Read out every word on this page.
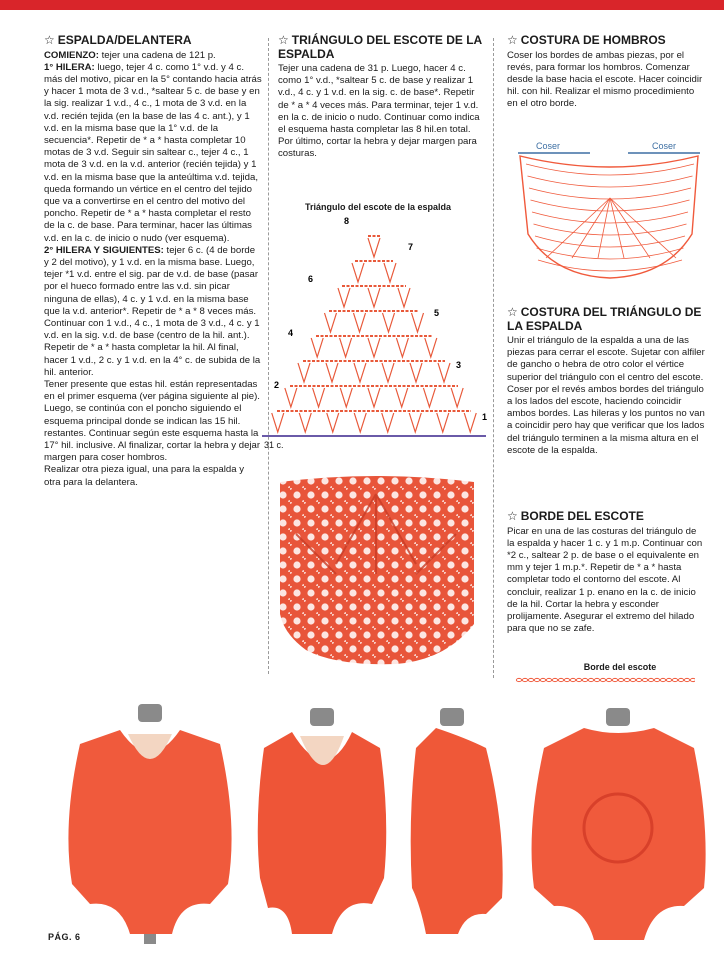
☆ ESPALDA/DELANTERA

COMIENZO: tejer una cadena de 121 p.

1° HILERA: luego, tejer 4 c. como 1° v.d. y 4 c. más del motivo, picar en la 5° contando hacia atrás y hacer 1 mota de 3 v.d., *saltear 5 c. de base y en la sig. realizar 1 v.d., 4 c., 1 mota de 3 v.d. en la v.d. recién tejida (en la base de las 4 c. ant.), y 1 v.d. en la misma base que la 1° v.d. de la secuencia*. Repetir de * a * hasta completar 10 motas de 3 v.d. Seguir sin saltear c., tejer 4 c., 1 mota de 3 v.d. en la v.d. anterior (recién tejida) y 1 v.d. en la misma base que la anteúltima v.d. tejida, queda formando un vértice en el centro del tejido que va a convertirse en el centro del motivo del poncho. Repetir de * a * hasta completar el resto de la c. de base. Para terminar, hacer las últimas v.d. en la c. de inicio o nudo (ver esquema).

2° HILERA Y SIGUIENTES: tejer 6 c. (4 de borde y 2 del motivo), y 1 v.d. en la misma base. Luego, tejer *1 v.d. entre el sig. par de v.d. de base (pasar por el hueco formado entre las v.d. sin picar ninguna de ellas), 4 c. y 1 v.d. en la misma base que la v.d. anterior*. Repetir de * a * 8 veces más. Continuar con 1 v.d., 4 c., 1 mota de 3 v.d., 4 c. y 1 v.d. en la sig. v.d. de base (centro de la hil. ant.). Repetir de * a * hasta completar la hil. Al final, hacer 1 v.d., 2 c. y 1 v.d. en la 4° c. de subida de la hil. anterior.

Tener presente que estas hil. están representadas en el primer esquema (ver página siguiente al pie). Luego, se continúa con el poncho siguiendo el esquema principal donde se indican las 15 hil. restantes. Continuar según este esquema hasta la 17° hil. inclusive. Al finalizar, cortar la hebra y dejar margen para coser hombros.

Realizar otra pieza igual, una para la espalda y otra para la delantera.

☆ TRIÁNGULO DEL ESCOTE DE LA ESPALDA

Tejer una cadena de 31 p. Luego, hacer 4 c. como 1° v.d., *saltear 5 c. de base y realizar 1 v.d., 4 c. y 1 v.d. en la sig. c. de base*. Repetir de * a * 4 veces más. Para terminar, tejer 1 v.d. en la c. de inicio o nudo. Continuar como indica el esquema hasta completar las 8 hil.en total. Por último, cortar la hebra y dejar margen para costuras.

Triángulo del escote de la espalda
1
2
3
4
5
6
7
8
31 c.
☆ COSTURA DE HOMBROS

Coser los bordes de ambas piezas, por el revés, para formar los hombros. Comenzar desde la base hacia el escote. Hacer coincidir hil. con hil. Realizar el mismo procedimiento en el otro borde.

Coser	Coser
☆ COSTURA DEL TRIÁNGULO DE LA ESPALDA

Unir el triángulo de la espalda a una de las piezas para cerrar el escote. Sujetar con alfiler de gancho o hebra de otro color el vértice superior del triángulo con el centro del escote. Coser por el revés ambos bordes del triángulo a los lados del escote, haciendo coincidir ambos bordes. Las hileras y los puntos no van a coincidir pero hay que verificar que los lados del triángulo terminen a la misma altura en el escote de la espalda.

☆ BORDE DEL ESCOTE

Picar en una de las costuras del triángulo de la espalda y hacer 1 c. y 1 m.p. Continuar con *2 c., saltear 2 p. de base o el equivalente en mm y tejer 1 m.p.*. Repetir de * a * hasta completar todo el contorno del escote. Al concluir, realizar 1 p. enano en la c. de inicio de la hil. Cortar la hebra y esconder prolijamente. Asegurar el extremo del hilado para que no se zafe.

Borde del escote
PÁG. 6
